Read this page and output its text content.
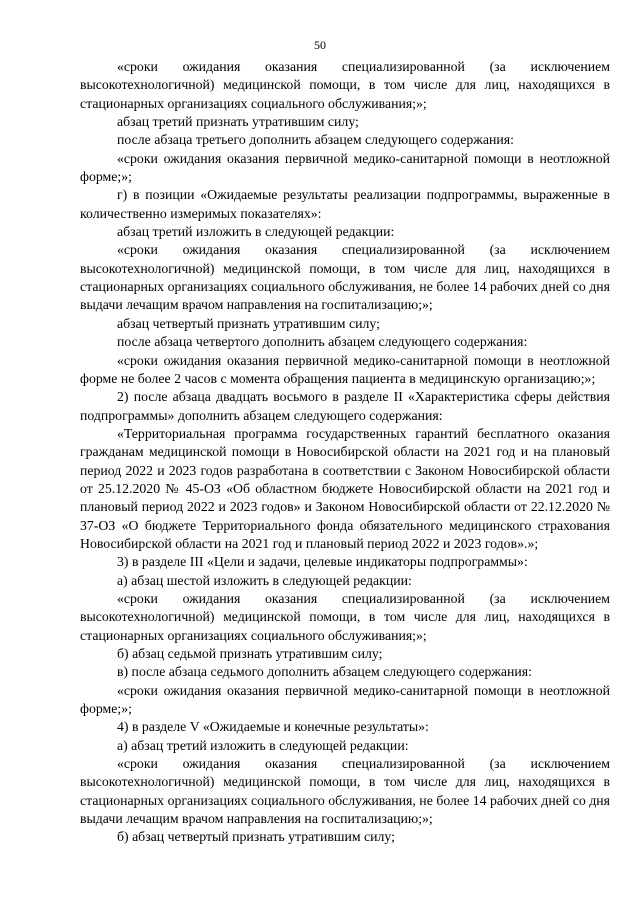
50

«сроки ожидания оказания специализированной (за исключением высокотехнологичной) медицинской помощи, в том числе для лиц, находящихся в стационарных организациях социального обслуживания;»;

абзац третий признать утратившим силу;

после абзаца третьего дополнить абзацем следующего содержания:

«сроки ожидания оказания первичной медико-санитарной помощи в неотложной форме;»;

г) в позиции «Ожидаемые результаты реализации подпрограммы, выраженные в количественно измеримых показателях»:

абзац третий изложить в следующей редакции:

«сроки ожидания оказания специализированной (за исключением высокотехнологичной) медицинской помощи, в том числе для лиц, находящихся в стационарных организациях социального обслуживания, не более 14 рабочих дней со дня выдачи лечащим врачом направления на госпитализацию;»;

абзац четвертый признать утратившим силу;

после абзаца четвертого дополнить абзацем следующего содержания:

«сроки ожидания оказания первичной медико-санитарной помощи в неотложной форме не более 2 часов с момента обращения пациента в медицинскую организацию;»;

2) после абзаца двадцать восьмого в разделе II «Характеристика сферы действия подпрограммы» дополнить абзацем следующего содержания:

«Территориальная программа государственных гарантий бесплатного оказания гражданам медицинской помощи в Новосибирской области на 2021 год и на плановый период 2022 и 2023 годов разработана в соответствии с Законом Новосибирской области от 25.12.2020 № 45-ОЗ «Об областном бюджете Новосибирской области на 2021 год и плановый период 2022 и 2023 годов» и Законом Новосибирской области от 22.12.2020 № 37-ОЗ «О бюджете Территориального фонда обязательного медицинского страхования Новосибирской области на 2021 год и плановый период 2022 и 2023 годов».»;

3) в разделе III «Цели и задачи, целевые индикаторы подпрограммы»:

а) абзац шестой изложить в следующей редакции:

«сроки ожидания оказания специализированной (за исключением высокотехнологичной) медицинской помощи, в том числе для лиц, находящихся в стационарных организациях социального обслуживания;»;

б) абзац седьмой признать утратившим силу;

в) после абзаца седьмого дополнить абзацем следующего содержания:

«сроки ожидания оказания первичной медико-санитарной помощи в неотложной форме;»;

4) в разделе V «Ожидаемые и конечные результаты»:

а) абзац третий изложить в следующей редакции:

«сроки ожидания оказания специализированной (за исключением высокотехнологичной) медицинской помощи, в том числе для лиц, находящихся в стационарных организациях социального обслуживания, не более 14 рабочих дней со дня выдачи лечащим врачом направления на госпитализацию;»;

б) абзац четвертый признать утратившим силу;
